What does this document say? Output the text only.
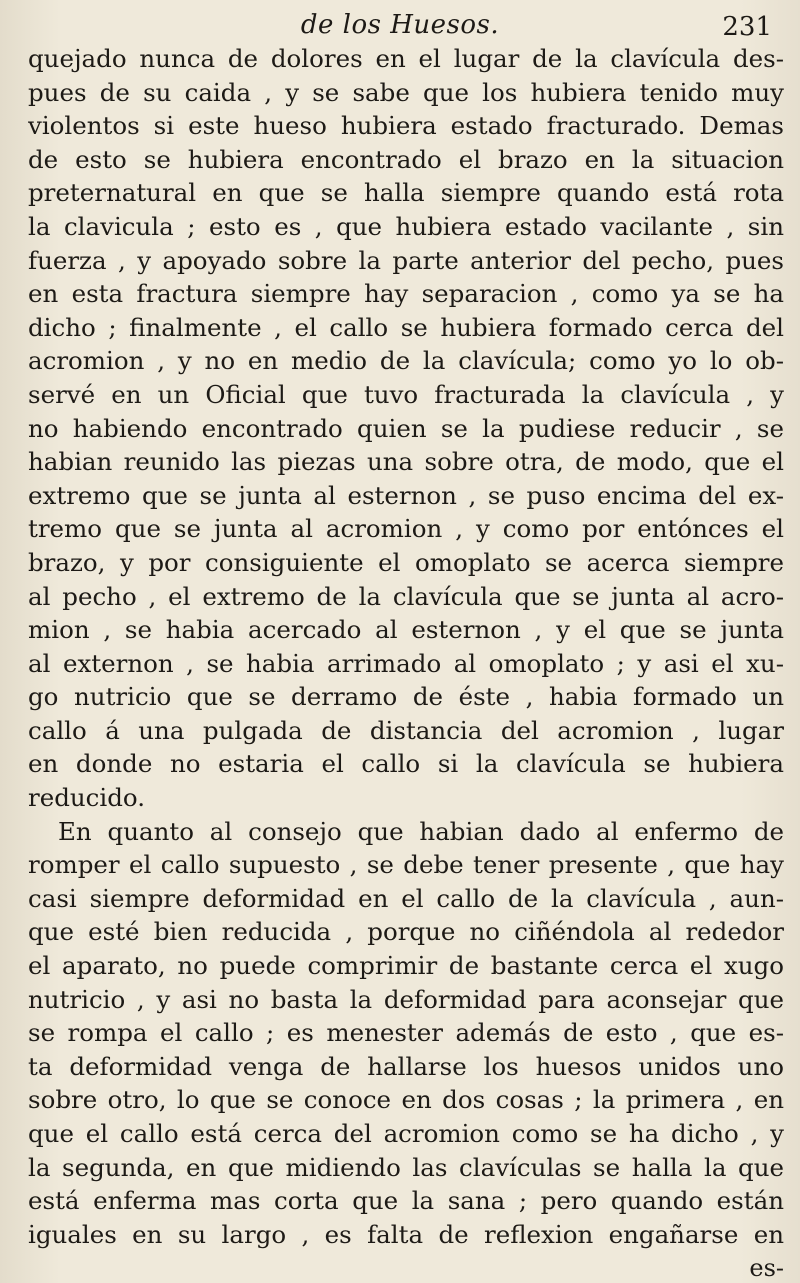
de los Huesos.	231
quejado nunca de dolores en el lugar de la clavícula des-
pues de su caida , y se sabe que los hubiera tenido muy
violentos si este hueso hubiera estado fracturado. Demas
de esto se hubiera encontrado el brazo en la situacion
preternatural en que se halla siempre quando está rota
la clavicula ; esto es , que hubiera estado vacilante , sin
fuerza , y apoyado sobre la parte anterior del pecho, pues
en esta fractura siempre hay separacion , como ya se ha
dicho ; finalmente , el callo se hubiera formado cerca del
acromion , y no en medio de la clavícula; como yo lo ob-
servé en un Oficial que tuvo fracturada la clavícula , y
no habiendo encontrado quien se la pudiese reducir , se
habian reunido las piezas una sobre otra, de modo, que el
extremo que se junta al esternon , se puso encima del ex-
tremo que se junta al acromion , y como por entónces el
brazo, y por consiguiente el omoplato se acerca siempre
al pecho , el extremo de la clavícula que se junta al acro-
mion , se habia acercado al esternon , y el que se junta
al externon , se habia arrimado al omoplato ; y asi el xu-
go nutricio que se derramo de éste , habia formado un
callo á una pulgada de distancia del acromion , lugar
en donde no estaria el callo si la clavícula se hubiera
reducido.
En quanto al consejo que habian dado al enfermo de
romper el callo supuesto , se debe tener presente , que hay
casi siempre deformidad en el callo de la clavícula , aun-
que esté bien reducida , porque no ciñéndola al rededor
el aparato, no puede comprimir de bastante cerca el xugo
nutricio , y asi no basta la deformidad para aconsejar que
se rompa el callo ; es menester además de esto , que es-
ta deformidad venga de hallarse los huesos unidos uno
sobre otro, lo que se conoce en dos cosas ; la primera , en
que el callo está cerca del acromion como se ha dicho , y
la segunda, en que midiendo las clavículas se halla la que
está enferma mas corta que la sana ; pero quando están
iguales en su largo , es falta de reflexion engañarse en
es-
